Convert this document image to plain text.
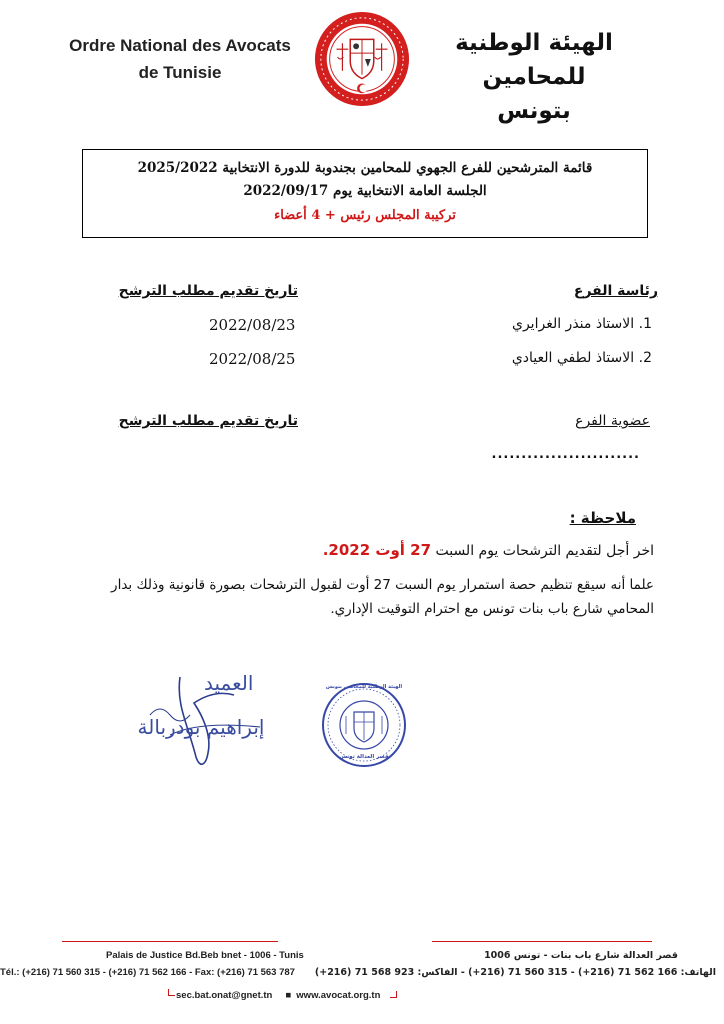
Ordre National des Avocats
de Tunisie
الهيئة الوطنية للمحامين
بتونس
قائمة المترشحين للفرع الجهوي للمحامين بجندوبة للدورة الانتخابية 2025/2022
الجلسة العامة الانتخابية يوم 2022/09/17
تركيبة المجلس رئيس + 4 أعضاء
رئاسة الفرع
تاريخ تقديم مطلب الترشح
1. الاستاذ منذر الغرايري
2022/08/23
2. الاستاذ لطفي العيادي
2022/08/25
عضوية الفرع
تاريخ تقديم مطلب الترشح
.........................
ملاحظة :
اخر أجل لتقديم الترشحات يوم السبت 27 أوت 2022.
علما أنه سيقع تنظيم حصة استمرار يوم السبت 27 أوت لقبول الترشحات بصورة قانونية وذلك بدار المحامي شارع باب بنات تونس مع احترام التوقيت الإداري.
العميد
إبراهيم بودربالة
الهيئة الوطنية للمحامين بتونس
قصر العدالة تونس
Palais de Justice Bd.Beb bnet - 1006 - Tunis
Tél.: (+216) 71 560 315 - (+216) 71 562 166 - Fax: (+216) 71 563 787
sec.bat.onat@gnet.tn ■ www.avocat.org.tn
قصر العدالة شارع باب بنات - تونس 1006
الهاتف: 166 562 71 (216+) - 315 560 71 (216+) - الفاكس: 923 568 71 (216+)
